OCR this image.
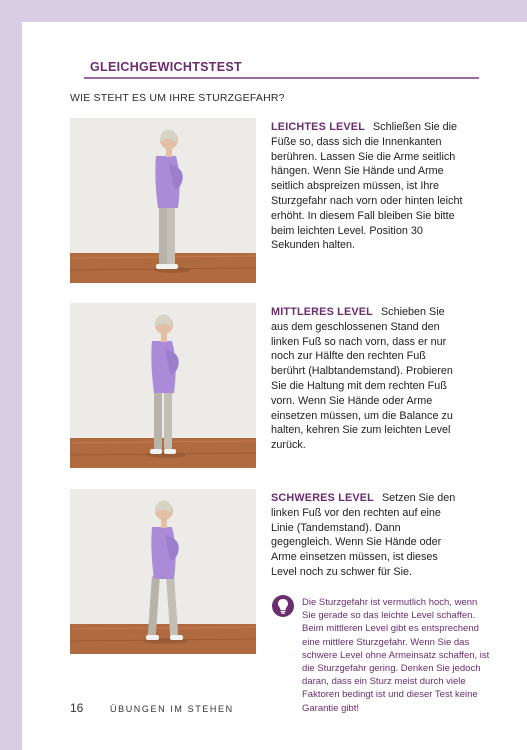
GLEICHGEWICHTSTEST
WIE STEHT ES UM IHRE STURZGEFAHR?
LEICHTES LEVEL Schließen Sie die Füße so, dass sich die Innenkanten berühren. Lassen Sie die Arme seitlich hängen. Wenn Sie Hände und Arme seitlich abspreizen müssen, ist Ihre Sturzgefahr nach vorn oder hinten leicht erhöht. In diesem Fall bleiben Sie bitte beim leichten Level. Position 30 Sekunden halten.
MITTLERES LEVEL Schieben Sie aus dem geschlossenen Stand den linken Fuß so nach vorn, dass er nur noch zur Hälfte den rechten Fuß berührt (Halbtandemstand). Probieren Sie die Haltung mit dem rechten Fuß vorn. Wenn Sie Hände oder Arme einsetzen müssen, um die Balance zu halten, kehren Sie zum leichten Level zurück.
SCHWERES LEVEL Setzen Sie den linken Fuß vor den rechten auf eine Linie (Tandemstand). Dann gegengleich. Wenn Sie Hände oder Arme einsetzen müssen, ist dieses Level noch zu schwer für Sie.
Die Sturzgefahr ist vermutlich hoch, wenn Sie gerade so das leichte Level schaffen. Beim mittleren Level gibt es entsprechend eine mittlere Sturzgefahr. Wenn Sie das schwere Level ohne Armeinsatz schaffen, ist die Sturzgefahr gering. Denken Sie jedoch daran, dass ein Sturz meist durch viele Faktoren bedingt ist und dieser Test keine Garantie gibt!
16	ÜBUNGEN IM STEHEN
